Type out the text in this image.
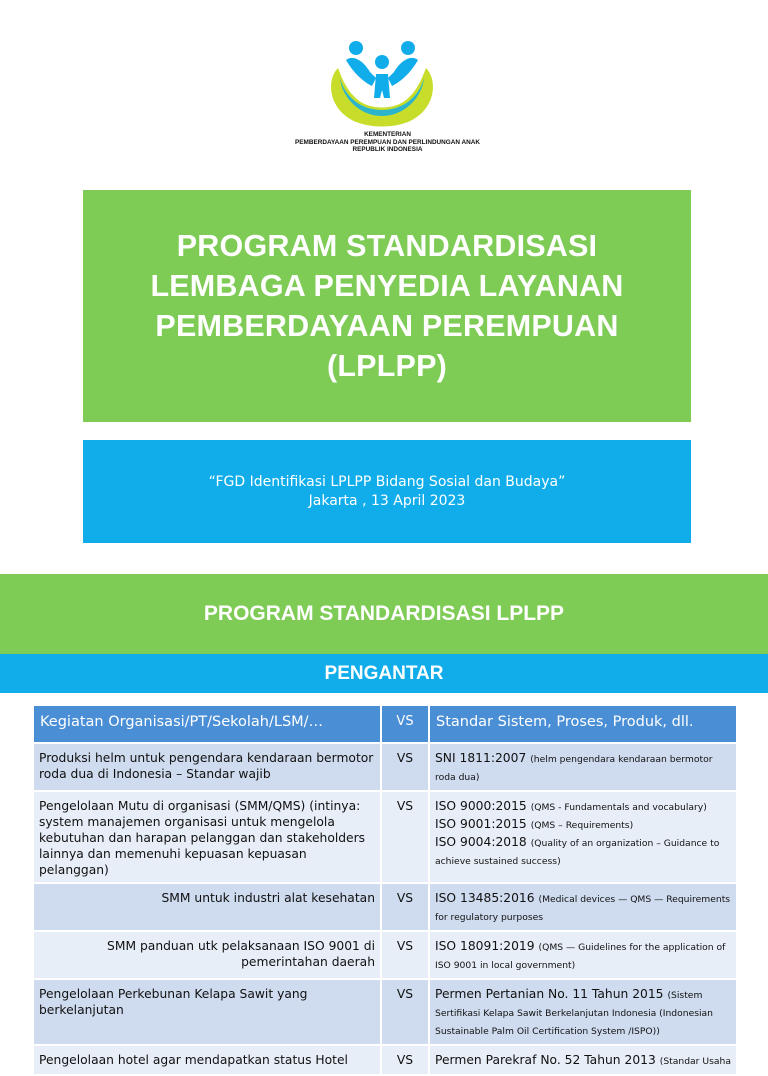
KEMENTERIAN
PEMBERDAYAAN PEREMPUAN DAN PERLINDUNGAN ANAK
REPUBLIK INDONESIA
PROGRAM STANDARDISASI
LEMBAGA PENYEDIA LAYANAN
PEMBERDAYAAN PEREMPUAN
(LPLPP)
“FGD Identifikasi LPLPP Bidang Sosial dan Budaya”
Jakarta , 13 April 2023
PROGRAM STANDARDISASI LPLPP
PENGANTAR
Kegiatan Organisasi/PT/Sekolah/LSM/…	VS	Standar Sistem, Proses, Produk, dll.
Produksi helm untuk pengendara kendaraan bermotor roda dua di Indonesia – Standar wajib	VS	SNI 1811:2007 (helm pengendara kendaraan bermotor roda dua)
Pengelolaan Mutu di organisasi (SMM/QMS) (intinya: system manajemen organisasi untuk mengelola kebutuhan dan harapan pelanggan dan stakeholders lainnya dan memenuhi kepuasan kepuasan pelanggan)	VS	ISO 9000:2015 (QMS - Fundamentals and vocabulary)
ISO 9001:2015 (QMS – Requirements)
ISO 9004:2018 (Quality of an organization – Guidance to achieve sustained success)

SMM untuk industri alat kesehatan	VS	ISO 13485:2016 (Medical devices — QMS — Requirements for regulatory purposes
SMM panduan utk pelaksanaan ISO 9001 di pemerintahan daerah	VS	ISO 18091:2019 (QMS — Guidelines for the application of ISO 9001 in local government)
Pengelolaan Perkebunan Kelapa Sawit yang berkelanjutan	VS	Permen Pertanian No. 11 Tahun 2015 (Sistem Sertifikasi Kelapa Sawit Berkelanjutan Indonesia (Indonesian Sustainable Palm Oil Certification System /ISPO))
Pengelolaan hotel agar mendapatkan status Hotel	VS	Permen Parekraf No. 52 Tahun 2013 (Standar Usaha
